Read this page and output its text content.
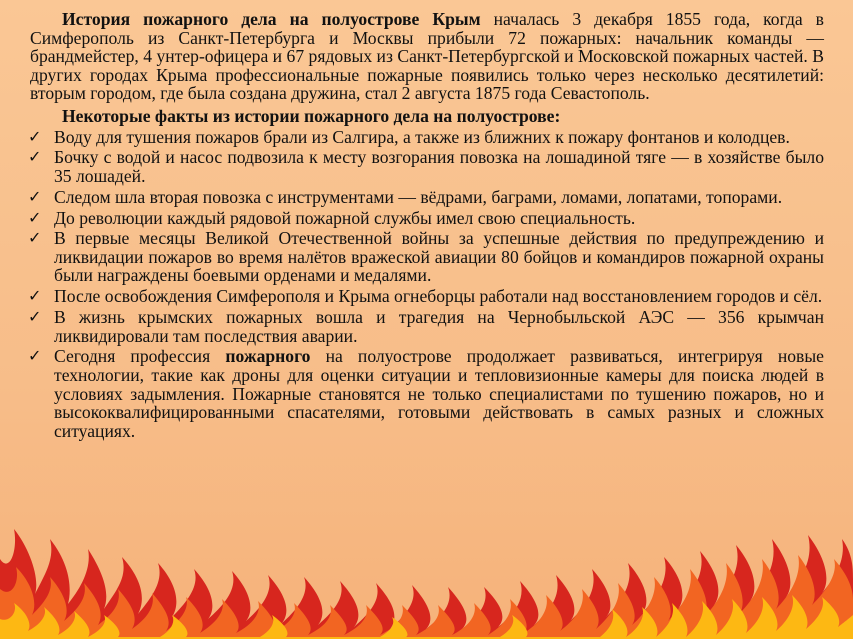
История пожарного дела на полуострове Крым началась 3 декабря 1855 года, когда в Симферополь из Санкт-Петербурга и Москвы прибыли 72 пожарных: начальник команды — брандмейстер, 4 унтер-офицера и 67 рядовых из Санкт-Петербургской и Московской пожарных частей. В других городах Крыма профессиональные пожарные появились только через несколько десятилетий: вторым городом, где была создана дружина, стал 2 августа 1875 года Севастополь.

Некоторые факты из истории пожарного дела на полуострове:

✓ Воду для тушения пожаров брали из Салгира, а также из ближних к пожару фонтанов и колодцев.
✓ Бочку с водой и насос подвозила к месту возгорания повозка на лошадиной тяге — в хозяйстве было 35 лошадей.
✓ Следом шла вторая повозка с инструментами — вёдрами, баграми, ломами, лопатами, топорами.
✓ До революции каждый рядовой пожарной службы имел свою специальность.
✓ В первые месяцы Великой Отечественной войны за успешные действия по предупреждению и ликвидации пожаров во время налётов вражеской авиации 80 бойцов и командиров пожарной охраны были награждены боевыми орденами и медалями.
✓ После освобождения Симферополя и Крыма огнеборцы работали над восстановлением городов и сёл.
✓ В жизнь крымских пожарных вошла и трагедия на Чернобыльской АЭС — 356 крымчан ликвидировали там последствия аварии.
✓ Сегодня профессия пожарного на полуострове продолжает развиваться, интегрируя новые технологии, такие как дроны для оценки ситуации и тепловизионные камеры для поиска людей в условиях задымления. Пожарные становятся не только специалистами по тушению пожаров, но и высококвалифицированными спасателями, готовыми действовать в самых разных и сложных ситуациях.
